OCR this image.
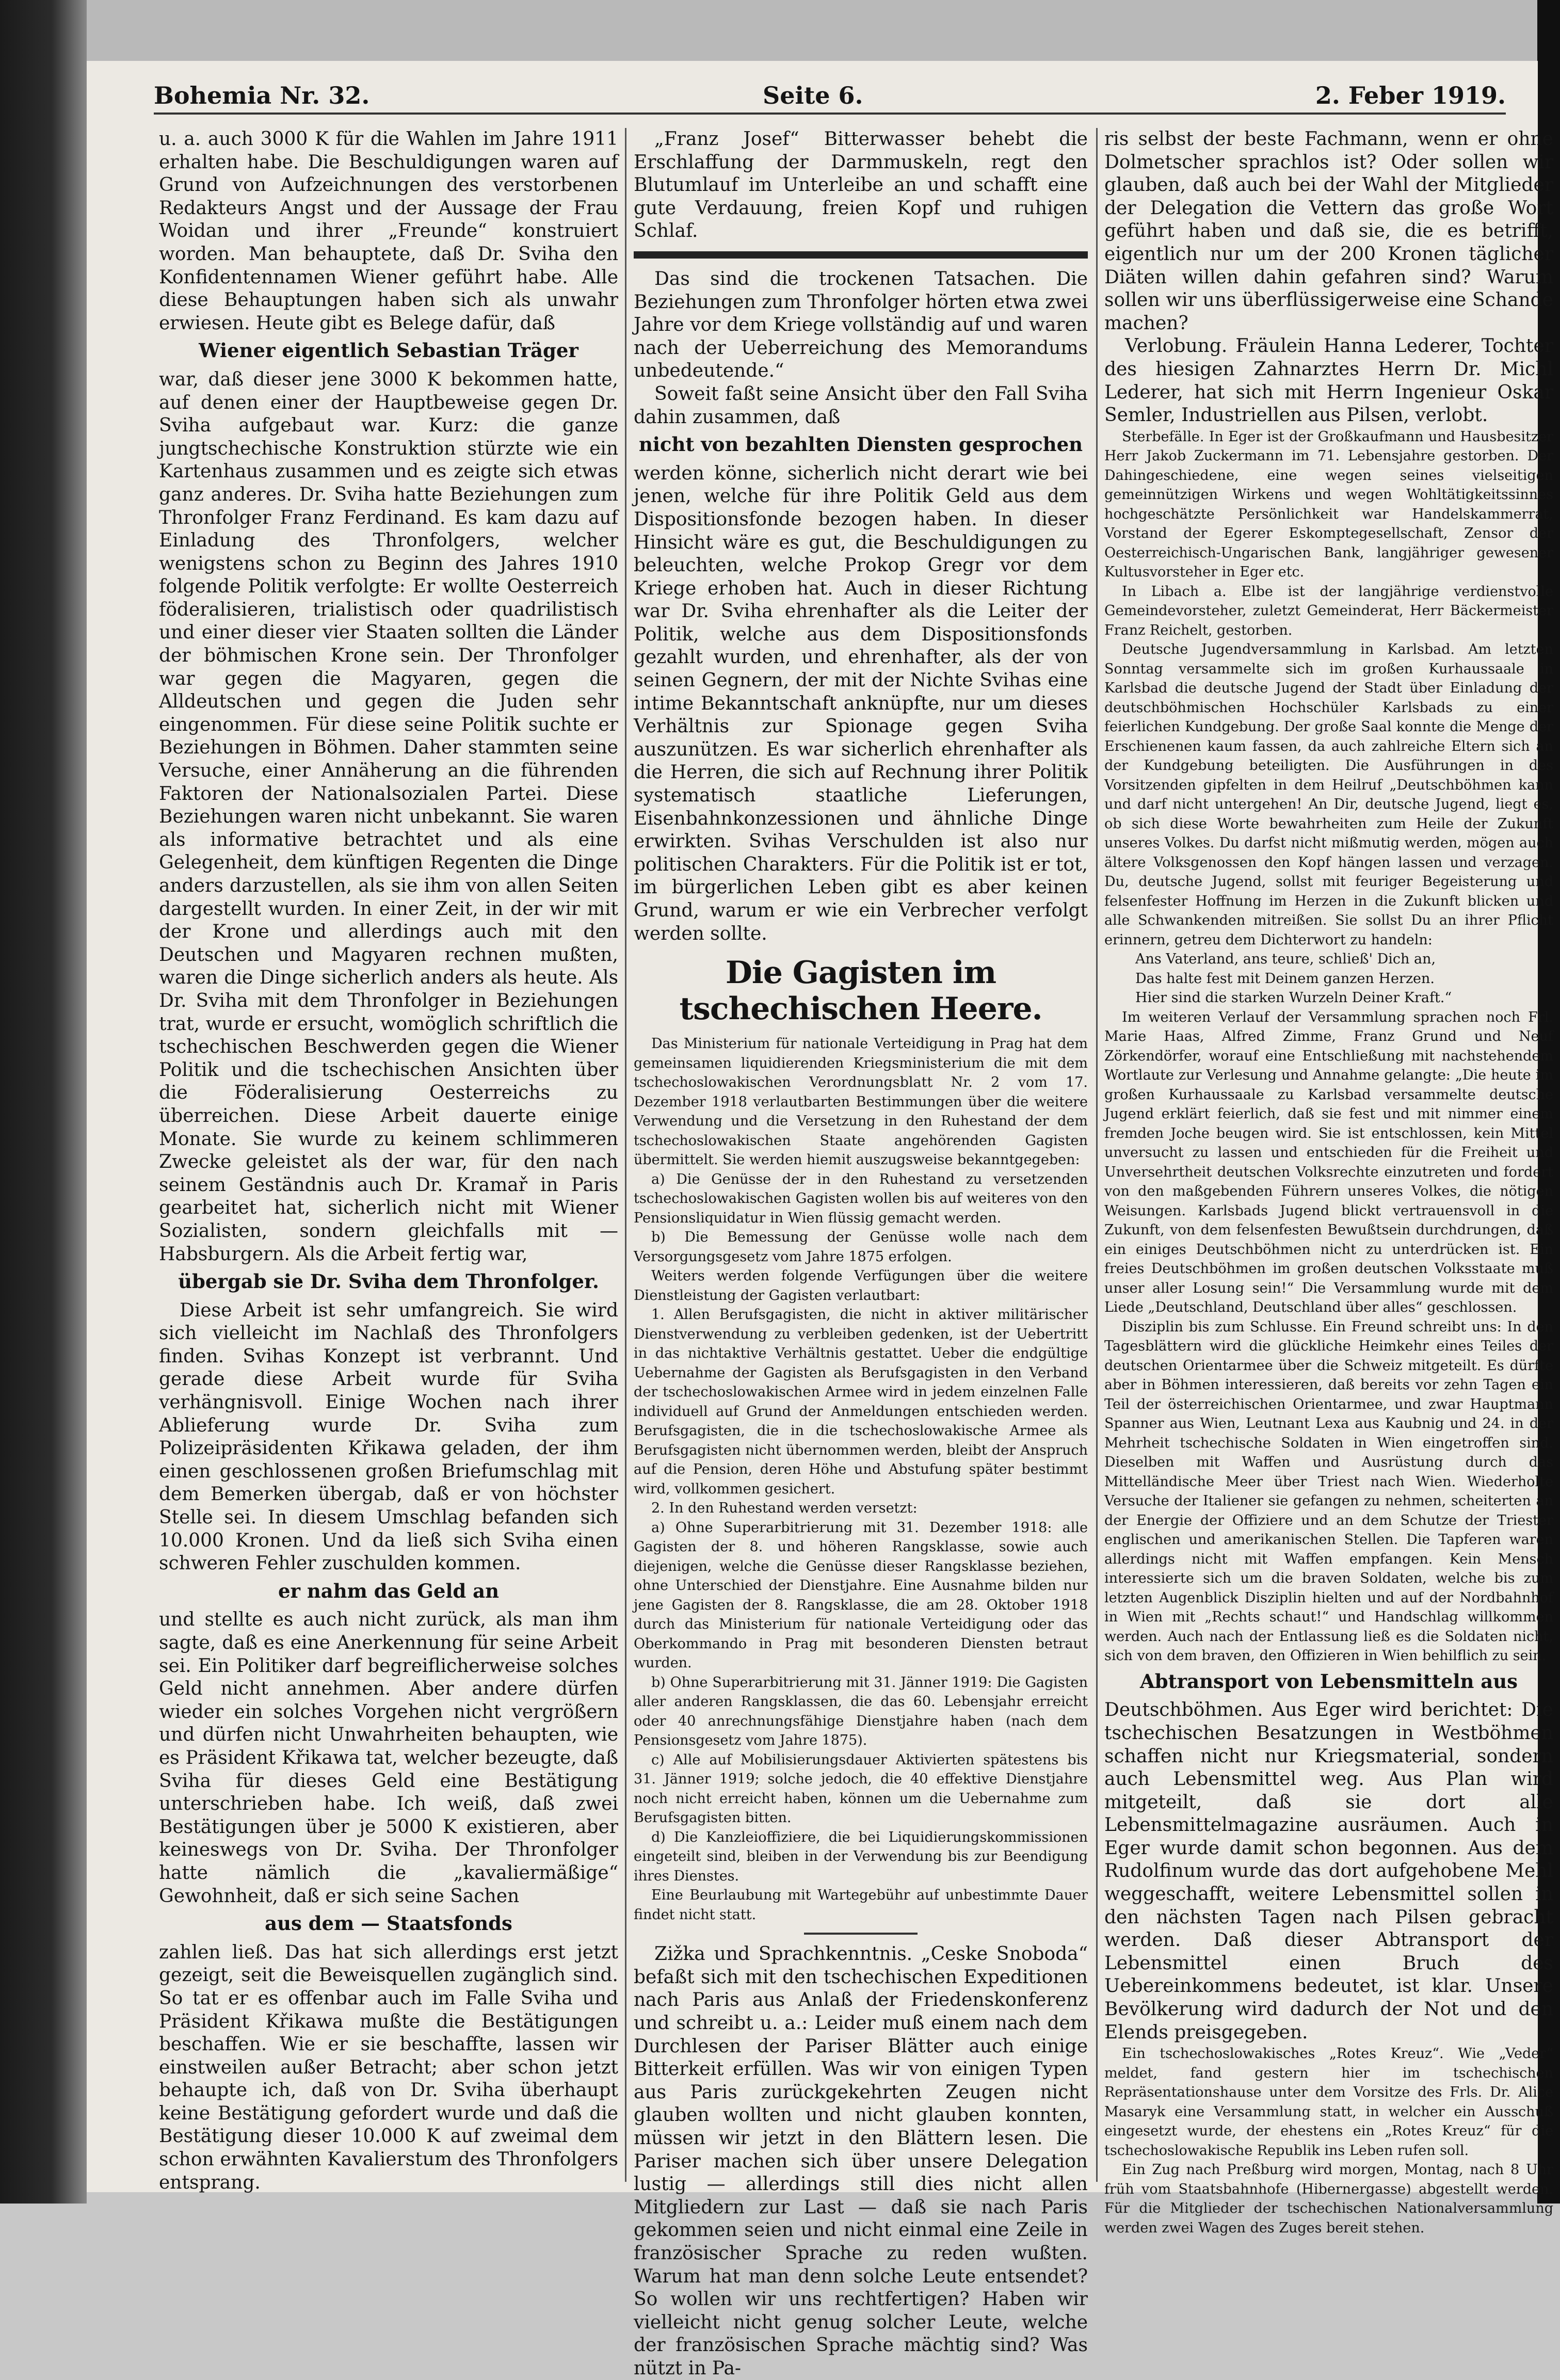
Bohemia Nr. 32.	Seite 6.	2. Feber 1919.

u. a. auch 3000 K für die Wahlen im Jahre 1911 erhalten habe. Die Beschuldigungen waren auf Grund von Aufzeichnungen des verstorbenen Redakteurs Angst und der Aussage der Frau Woidan und ihrer „Freunde“ konstruiert worden. Man behauptete, daß Dr. Sviha den Konfidentennamen Wiener geführt habe. Alle diese Behauptungen haben sich als unwahr erwiesen. Heute gibt es Belege dafür, daß

Wiener eigentlich Sebastian Träger

war, daß dieser jene 3000 K bekommen hatte, auf denen einer der Hauptbeweise gegen Dr. Sviha aufgebaut war. Kurz: die ganze jungtschechische Konstruktion stürzte wie ein Kartenhaus zusammen und es zeigte sich etwas ganz anderes. Dr. Sviha hatte Beziehungen zum Thronfolger Franz Ferdinand. Es kam dazu auf Einladung des Thronfolgers, welcher wenigstens schon zu Beginn des Jahres 1910 folgende Politik verfolgte: Er wollte Oesterreich föderalisieren, trialistisch oder quadrilistisch und einer dieser vier Staaten sollten die Länder der böhmischen Krone sein. Der Thronfolger war gegen die Magyaren, gegen die Alldeutschen und gegen die Juden sehr eingenommen. Für diese seine Politik suchte er Beziehungen in Böhmen. Daher stammten seine Versuche, einer Annäherung an die führenden Faktoren der Nationalsozialen Partei. Diese Beziehungen waren nicht unbekannt. Sie waren als informative betrachtet und als eine Gelegenheit, dem künftigen Regenten die Dinge anders darzustellen, als sie ihm von allen Seiten dargestellt wurden. In einer Zeit, in der wir mit der Krone und allerdings auch mit den Deutschen und Magyaren rechnen mußten, waren die Dinge sicherlich anders als heute. Als Dr. Sviha mit dem Thronfolger in Beziehungen trat, wurde er ersucht, womöglich schriftlich die tschechischen Beschwerden gegen die Wiener Politik und die tschechischen Ansichten über die Föderalisierung Oesterreichs zu überreichen. Diese Arbeit dauerte einige Monate. Sie wurde zu keinem schlimmeren Zwecke geleistet als der war, für den nach seinem Geständnis auch Dr. Kramař in Paris gearbeitet hat, sicherlich nicht mit Wiener Sozialisten, sondern gleichfalls mit — Habsburgern. Als die Arbeit fertig war,

übergab sie Dr. Sviha dem Thronfolger.

Diese Arbeit ist sehr umfangreich. Sie wird sich vielleicht im Nachlaß des Thronfolgers finden. Svihas Konzept ist verbrannt. Und gerade diese Arbeit wurde für Sviha verhängnisvoll. Einige Wochen nach ihrer Ablieferung wurde Dr. Sviha zum Polizeipräsidenten Křikawa geladen, der ihm einen geschlossenen großen Briefumschlag mit dem Bemerken übergab, daß er von höchster Stelle sei. In diesem Umschlag befanden sich 10.000 Kronen. Und da ließ sich Sviha einen schweren Fehler zuschulden kommen.

er nahm das Geld an

und stellte es auch nicht zurück, als man ihm sagte, daß es eine Anerkennung für seine Arbeit sei. Ein Politiker darf begreiflicherweise solches Geld nicht annehmen. Aber andere dürfen wieder ein solches Vorgehen nicht vergrößern und dürfen nicht Unwahrheiten behaupten, wie es Präsident Křikawa tat, welcher bezeugte, daß Sviha für dieses Geld eine Bestätigung unterschrieben habe. Ich weiß, daß zwei Bestätigungen über je 5000 K existieren, aber keineswegs von Dr. Sviha. Der Thronfolger hatte nämlich die „kavaliermäßige“ Gewohnheit, daß er sich seine Sachen

aus dem — Staatsfonds

zahlen ließ. Das hat sich allerdings erst jetzt gezeigt, seit die Beweisquellen zugänglich sind. So tat er es offenbar auch im Falle Sviha und Präsident Křikawa mußte die Bestätigungen beschaffen. Wie er sie beschaffte, lassen wir einstweilen außer Betracht; aber schon jetzt behaupte ich, daß von Dr. Sviha überhaupt keine Bestätigung gefordert wurde und daß die Bestätigung dieser 10.000 K auf zweimal dem schon erwähnten Kavalierstum des Thronfolgers entsprang.

„Franz Josef“ Bitterwasser behebt die Erschlaffung der Darmmuskeln, regt den Blutumlauf im Unterleibe an und schafft eine gute Verdauung, freien Kopf und ruhigen Schlaf.

Das sind die trockenen Tatsachen. Die Beziehungen zum Thronfolger hörten etwa zwei Jahre vor dem Kriege vollständig auf und waren nach der Ueberreichung des Memorandums unbedeutende.“

Soweit faßt seine Ansicht über den Fall Sviha dahin zusammen, daß

nicht von bezahlten Diensten gesprochen

werden könne, sicherlich nicht derart wie bei jenen, welche für ihre Politik Geld aus dem Dispositionsfonde bezogen haben. In dieser Hinsicht wäre es gut, die Beschuldigungen zu beleuchten, welche Prokop Gregr vor dem Kriege erhoben hat. Auch in dieser Richtung war Dr. Sviha ehrenhafter als die Leiter der Politik, welche aus dem Dispositionsfonds gezahlt wurden, und ehrenhafter, als der von seinen Gegnern, der mit der Nichte Svihas eine intime Bekanntschaft anknüpfte, nur um dieses Verhältnis zur Spionage gegen Sviha auszunützen. Es war sicherlich ehrenhafter als die Herren, die sich auf Rechnung ihrer Politik systematisch staatliche Lieferungen, Eisenbahnkonzessionen und ähnliche Dinge erwirkten. Svihas Verschulden ist also nur politischen Charakters. Für die Politik ist er tot, im bürgerlichen Leben gibt es aber keinen Grund, warum er wie ein Verbrecher verfolgt werden sollte.

Die Gagisten im tschechischen Heere.

Das Ministerium für nationale Verteidigung in Prag hat dem gemeinsamen liquidierenden Kriegsministerium die mit dem tschechoslowakischen Verordnungsblatt Nr. 2 vom 17. Dezember 1918 verlautbarten Bestimmungen über die weitere Verwendung und die Versetzung in den Ruhestand der dem tschechoslowakischen Staate angehörenden Gagisten übermittelt. Sie werden hiemit auszugsweise bekanntgegeben:

a) Die Genüsse der in den Ruhestand zu versetzenden tschechoslowakischen Gagisten wollen bis auf weiteres von den Pensionsliquidatur in Wien flüssig gemacht werden.

b) Die Bemessung der Genüsse wolle nach dem Versorgungsgesetz vom Jahre 1875 erfolgen.

Weiters werden folgende Verfügungen über die weitere Dienstleistung der Gagisten verlautbart:

1. Allen Berufsgagisten, die nicht in aktiver militärischer Dienstverwendung zu verbleiben gedenken, ist der Uebertritt in das nichtaktive Verhältnis gestattet. Ueber die endgültige Uebernahme der Gagisten als Berufsgagisten in den Verband der tschechoslowakischen Armee wird in jedem einzelnen Falle individuell auf Grund der Anmeldungen entschieden werden. Berufsgagisten, die in die tschechoslowakische Armee als Berufsgagisten nicht übernommen werden, bleibt der Anspruch auf die Pension, deren Höhe und Abstufung später bestimmt wird, vollkommen gesichert.

2. In den Ruhestand werden versetzt:

a) Ohne Superarbitrierung mit 31. Dezember 1918: alle Gagisten der 8. und höheren Rangsklasse, sowie auch diejenigen, welche die Genüsse dieser Rangsklasse beziehen, ohne Unterschied der Dienstjahre. Eine Ausnahme bilden nur jene Gagisten der 8. Rangsklasse, die am 28. Oktober 1918 durch das Ministerium für nationale Verteidigung oder das Oberkommando in Prag mit besonderen Diensten betraut wurden.

b) Ohne Superarbitrierung mit 31. Jänner 1919: Die Gagisten aller anderen Rangsklassen, die das 60. Lebensjahr erreicht oder 40 anrechnungsfähige Dienstjahre haben (nach dem Pensionsgesetz vom Jahre 1875).

c) Alle auf Mobilisierungsdauer Aktivierten spätestens bis 31. Jänner 1919; solche jedoch, die 40 effektive Dienstjahre noch nicht erreicht haben, können um die Uebernahme zum Berufsgagisten bitten.

d) Die Kanzleioffiziere, die bei Liquidierungskommissionen eingeteilt sind, bleiben in der Verwendung bis zur Beendigung ihres Dienstes.

Eine Beurlaubung mit Wartegebühr auf unbestimmte Dauer findet nicht statt.

Zižka und Sprachkenntnis. „Ceske Snoboda“ befaßt sich mit den tschechischen Expeditionen nach Paris aus Anlaß der Friedenskonferenz und schreibt u. a.: Leider muß einem nach dem Durchlesen der Pariser Blätter auch einige Bitterkeit erfüllen. Was wir von einigen Typen aus Paris zurückgekehrten Zeugen nicht glauben wollten und nicht glauben konnten, müssen wir jetzt in den Blättern lesen. Die Pariser machen sich über unsere Delegation lustig — allerdings still dies nicht allen Mitgliedern zur Last — daß sie nach Paris gekommen seien und nicht einmal eine Zeile in französischer Sprache zu reden wußten. Warum hat man denn solche Leute entsendet? So wollen wir uns rechtfertigen? Haben wir vielleicht nicht genug solcher Leute, welche der französischen Sprache mächtig sind? Was nützt in Pa-

ris selbst der beste Fachmann, wenn er ohne Dolmetscher sprachlos ist? Oder sollen wir glauben, daß auch bei der Wahl der Mitglieder der Delegation die Vettern das große Wort geführt haben und daß sie, die es betrifft, eigentlich nur um der 200 Kronen täglicher Diäten willen dahin gefahren sind? Warum sollen wir uns überflüssigerweise eine Schande machen?

Verlobung. Fräulein Hanna Lederer, Tochter des hiesigen Zahnarztes Herrn Dr. Michl Lederer, hat sich mit Herrn Ingenieur Oskar Semler, Industriellen aus Pilsen, verlobt.

Sterbefälle. In Eger ist der Großkaufmann und Hausbesitzer Herr Jakob Zuckermann im 71. Lebensjahre gestorben. Der Dahingeschiedene, eine wegen seines vielseitigen gemeinnützigen Wirkens und wegen Wohltätigkeitssinnes hochgeschätzte Persönlichkeit war Handelskammerrat, Vorstand der Egerer Eskomptegesellschaft, Zensor der Oesterreichisch-Ungarischen Bank, langjähriger gewesener Kultusvorsteher in Eger etc.

In Libach a. Elbe ist der langjährige verdienstvolle Gemeindevorsteher, zuletzt Gemeinderat, Herr Bäckermeister Franz Reichelt, gestorben.

Deutsche Jugendversammlung in Karlsbad. Am letzten Sonntag versammelte sich im großen Kurhaussaale in Karlsbad die deutsche Jugend der Stadt über Einladung der deutschböhmischen Hochschüler Karlsbads zu einer feierlichen Kundgebung. Der große Saal konnte die Menge der Erschienenen kaum fassen, da auch zahlreiche Eltern sich an der Kundgebung beteiligten. Die Ausführungen in des Vorsitzenden gipfelten in dem Heilruf „Deutschböhmen kann und darf nicht untergehen! An Dir, deutsche Jugend, liegt es, ob sich diese Worte bewahrheiten zum Heile der Zukunft unseres Volkes. Du darfst nicht mißmutig werden, mögen auch ältere Volksgenossen den Kopf hängen lassen und verzagen. Du, deutsche Jugend, sollst mit feuriger Begeisterung und felsenfester Hoffnung im Herzen in die Zukunft blicken und alle Schwankenden mitreißen. Sie sollst Du an ihrer Pflicht erinnern, getreu dem Dichterwort zu handeln:

Ans Vaterland, ans teure, schließ' Dich an,
Das halte fest mit Deinem ganzen Herzen.
Hier sind die starken Wurzeln Deiner Kraft.“

Im weiteren Verlauf der Versammlung sprachen noch Frl. Marie Haas, Alfred Zimme, Franz Grund und Neuf Zörkendörfer, worauf eine Entschließung mit nachstehendem Wortlaute zur Verlesung und Annahme gelangte: „Die heute im großen Kurhaussaale zu Karlsbad versammelte deutsche Jugend erklärt feierlich, daß sie fest und mit nimmer einem fremden Joche beugen wird. Sie ist entschlossen, kein Mittel unversucht zu lassen und entschieden für die Freiheit und Unversehrtheit deutschen Volksrechte einzutreten und fordert von den maßgebenden Führern unseres Volkes, die nötigen Weisungen. Karlsbads Jugend blickt vertrauensvoll in die Zukunft, von dem felsenfesten Bewußtsein durchdrungen, daß ein einiges Deutschböhmen nicht zu unterdrücken ist. Ein freies Deutschböhmen im großen deutschen Volksstaate muß unser aller Losung sein!“ Die Versammlung wurde mit dem Liede „Deutschland, Deutschland über alles“ geschlossen.

Disziplin bis zum Schlusse. Ein Freund schreibt uns: In den Tagesblättern wird die glückliche Heimkehr eines Teiles der deutschen Orientarmee über die Schweiz mitgeteilt. Es dürfte aber in Böhmen interessieren, daß bereits vor zehn Tagen ein Teil der österreichischen Orientarmee, und zwar Hauptmann Spanner aus Wien, Leutnant Lexa aus Kaubnig und 24. in der Mehrheit tschechische Soldaten in Wien eingetroffen sind. Dieselben mit Waffen und Ausrüstung durch das Mittelländische Meer über Triest nach Wien. Wiederholte Versuche der Italiener sie gefangen zu nehmen, scheiterten an der Energie der Offiziere und an dem Schutze der Triester englischen und amerikanischen Stellen. Die Tapferen waren allerdings nicht mit Waffen empfangen. Kein Mensch interessierte sich um die braven Soldaten, welche bis zum letzten Augenblick Disziplin hielten und auf der Nordbahnhof in Wien mit „Rechts schaut!“ und Handschlag willkommen werden. Auch nach der Entlassung ließ es die Soldaten nicht, sich von dem braven, den Offizieren in Wien behilflich zu sein.

Abtransport von Lebensmitteln aus

Deutschböhmen. Aus Eger wird berichtet: Die tschechischen Besatzungen in Westböhmen schaffen nicht nur Kriegsmaterial, sondern auch Lebensmittel weg. Aus Plan wird mitgeteilt, daß sie dort alle Lebensmittelmagazine ausräumen. Auch in Eger wurde damit schon begonnen. Aus dem Rudolfinum wurde das dort aufgehobene Mehl weggeschafft, weitere Lebensmittel sollen in den nächsten Tagen nach Pilsen gebracht werden. Daß dieser Abtransport der Lebensmittel einen Bruch des Uebereinkommens bedeutet, ist klar. Unsere Bevölkerung wird dadurch der Not und den Elends preisgegeben.

Ein tschechoslowakisches „Rotes Kreuz“. Wie „Veder“ meldet, fand gestern hier im tschechischen Repräsentationshause unter dem Vorsitze des Frls. Dr. Alice Masaryk eine Versammlung statt, in welcher ein Ausschuß eingesetzt wurde, der ehestens ein „Rotes Kreuz“ für die tschechoslowakische Republik ins Leben rufen soll.

Ein Zug nach Preßburg wird morgen, Montag, nach 8 Uhr früh vom Staatsbahnhofe (Hibernergasse) abgestellt werden. Für die Mitglieder der tschechischen Nationalversammlung werden zwei Wagen des Zuges bereit stehen.
